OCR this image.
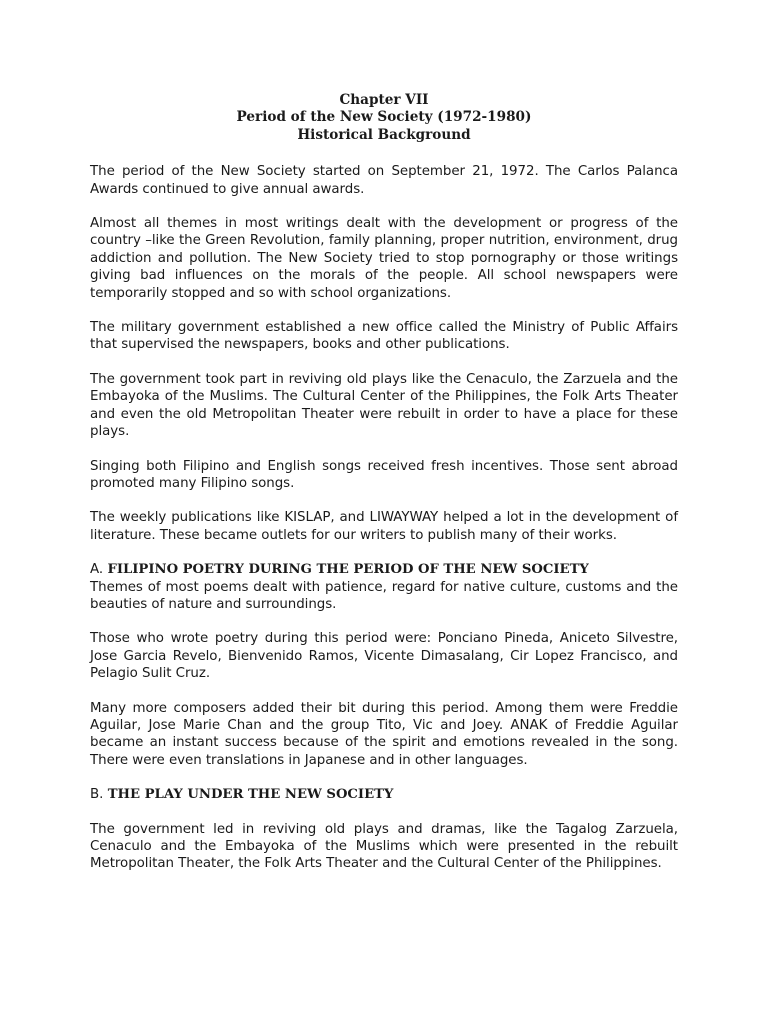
Chapter VII
Period of the New Society (1972-1980)
Historical Background

The period of the New Society started on September 21, 1972. The Carlos Palanca Awards continued to give annual awards.

Almost all themes in most writings dealt with the development or progress of the country –like the Green Revolution, family planning, proper nutrition, environment, drug addiction and pollution. The New Society tried to stop pornography or those writings giving bad influences on the morals of the people. All school newspapers were temporarily stopped and so with school organizations.

The military government established a new office called the Ministry of Public Affairs that supervised the newspapers, books and other publications.

The government took part in reviving old plays like the Cenaculo, the Zarzuela and the Embayoka of the Muslims. The Cultural Center of the Philippines, the Folk Arts Theater and even the old Metropolitan Theater were rebuilt in order to have a place for these plays.

Singing both Filipino and English songs received fresh incentives. Those sent abroad promoted many Filipino songs.

The weekly publications like KISLAP, and LIWAYWAY helped a lot in the development of literature. These became outlets for our writers to publish many of their works.

A. FILIPINO POETRY DURING THE PERIOD OF THE NEW SOCIETY

Themes of most poems dealt with patience, regard for native culture, customs and the beauties of nature and surroundings.

Those who wrote poetry during this period were: Ponciano Pineda, Aniceto Silvestre, Jose Garcia Revelo, Bienvenido Ramos, Vicente Dimasalang, Cir Lopez Francisco, and Pelagio Sulit Cruz.

Many more composers added their bit during this period. Among them were Freddie Aguilar, Jose Marie Chan and the group Tito, Vic and Joey. ANAK of Freddie Aguilar became an instant success because of the spirit and emotions revealed in the song. There were even translations in Japanese and in other languages.

B. THE PLAY UNDER THE NEW SOCIETY

The government led in reviving old plays and dramas, like the Tagalog Zarzuela, Cenaculo and the Embayoka of the Muslims which were presented in the rebuilt Metropolitan Theater, the Folk Arts Theater and the Cultural Center of the Philippines.
